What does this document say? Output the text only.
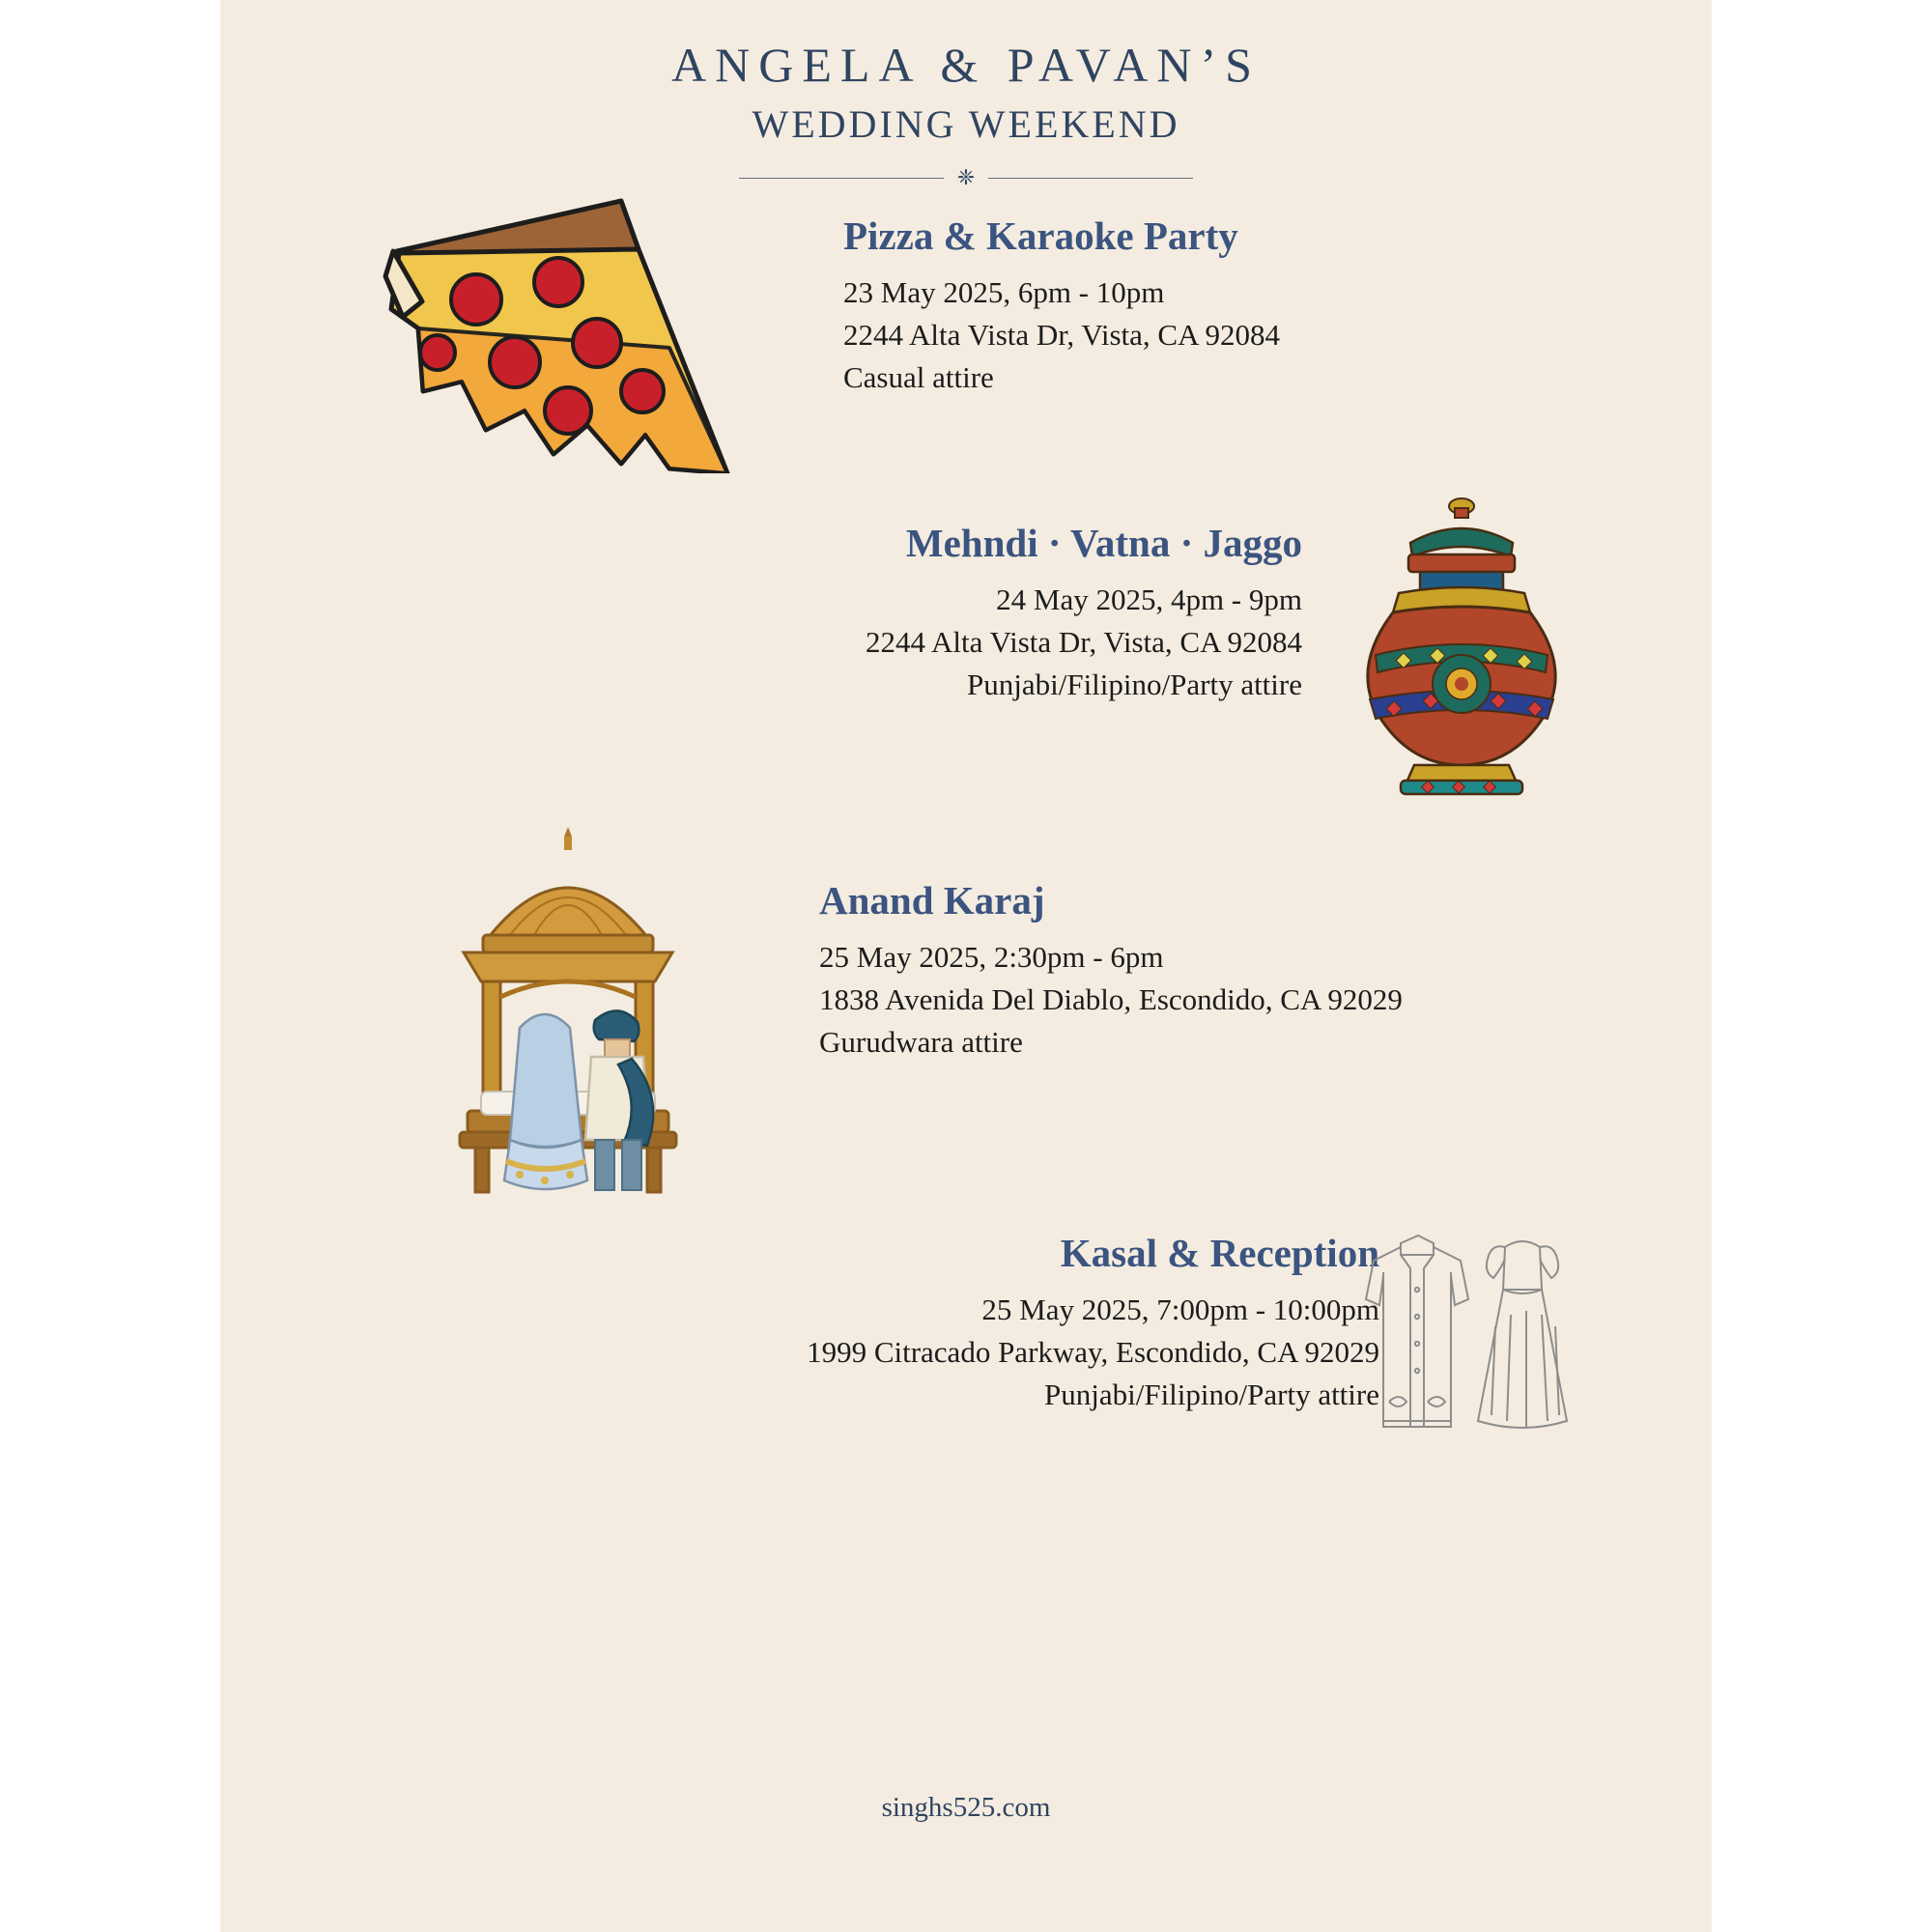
ANGELA & PAVAN’S
WEDDING WEEKEND
❈
Pizza & Karaoke Party
23 May 2025, 6pm - 10pm
2244 Alta Vista Dr, Vista, CA 92084
Casual attire
Mehndi · Vatna · Jaggo
24 May 2025, 4pm - 9pm
2244 Alta Vista Dr, Vista, CA 92084
Punjabi/Filipino/Party attire
Anand Karaj
25 May 2025, 2:30pm - 6pm
1838 Avenida Del Diablo, Escondido, CA 92029
Gurudwara attire
Kasal & Reception
25 May 2025, 7:00pm - 10:00pm
1999 Citracado Parkway, Escondido, CA 92029
Punjabi/Filipino/Party attire
singhs525.com
